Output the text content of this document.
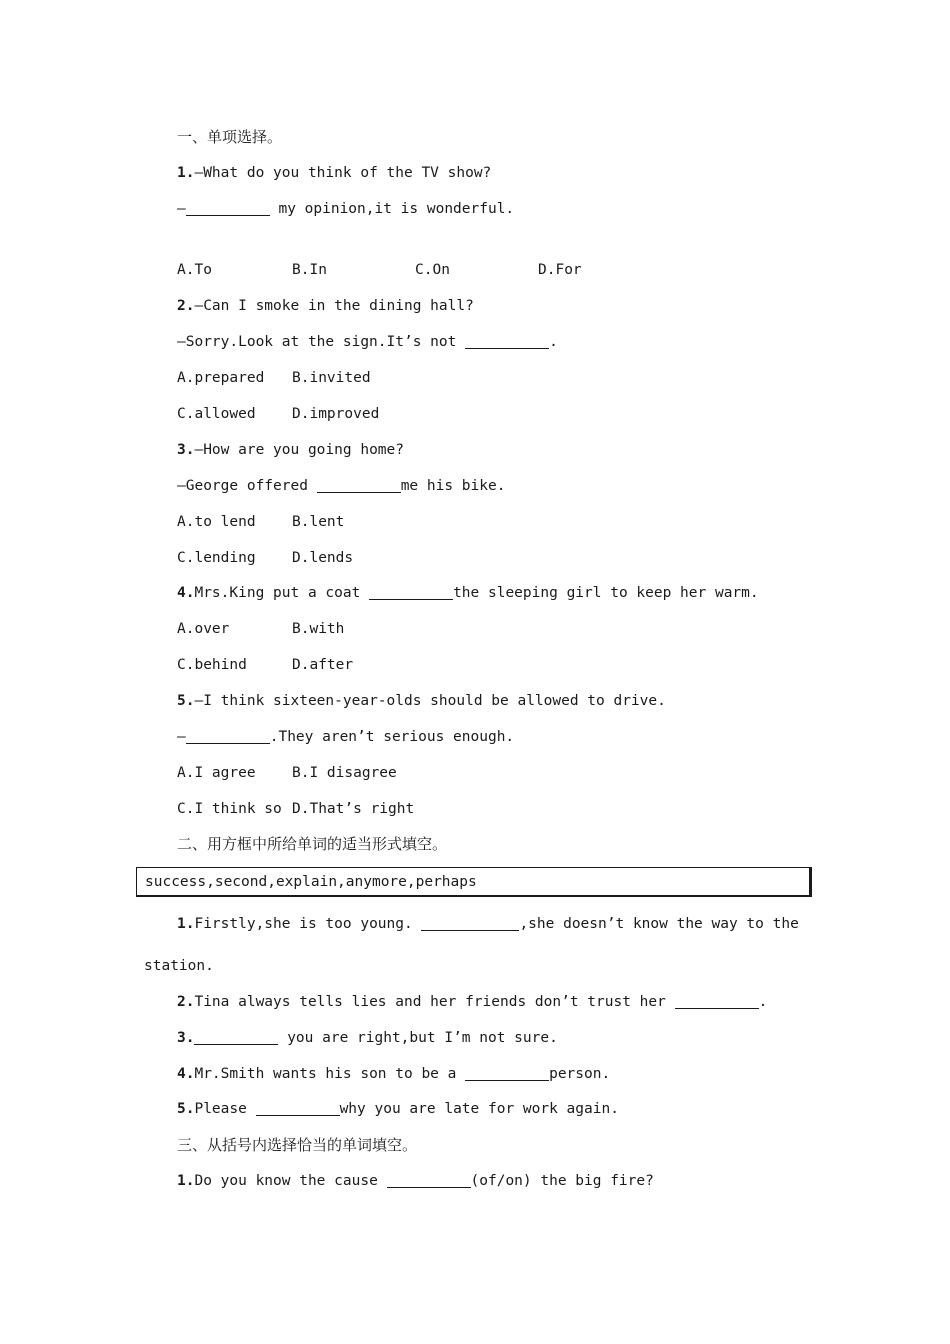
一、单项选择。
1.—What do you think of the TV show?
—	my opinion,it is wonderful.
A.To	B.In	C.On	D.For
2.—Can I smoke in the dining hall?
—Sorry.Look at the sign.It’s not	.
A.prepared B.invited
C.allowed	D.improved
3.—How are you going home?
—George offered	me his bike.
A.to lend	B.lent
C.lending	D.lends
4.Mrs.King put a coat	the sleeping girl to keep her warm.
A.over	B.with
C.behind	D.after
5.—I think sixteen-year-olds should be allowed to drive.
—	.They aren’t serious enough.
A.I agree	B.I disagree
C.I think so D.That’s right
二、用方框中所给单词的适当形式填空。
success,second,explain,anymore,perhaps
1.Firstly,she is too young.	,she doesn’t know the way to the
station.
2.Tina always tells lies and her friends don’t trust her	.
3.	you are right,but I’m not sure.
4.Mr.Smith wants his son to be a	person.
5.Please	why you are late for work again.
三、从括号内选择恰当的单词填空。
1.Do you know the cause	(of/on) the big fire?
